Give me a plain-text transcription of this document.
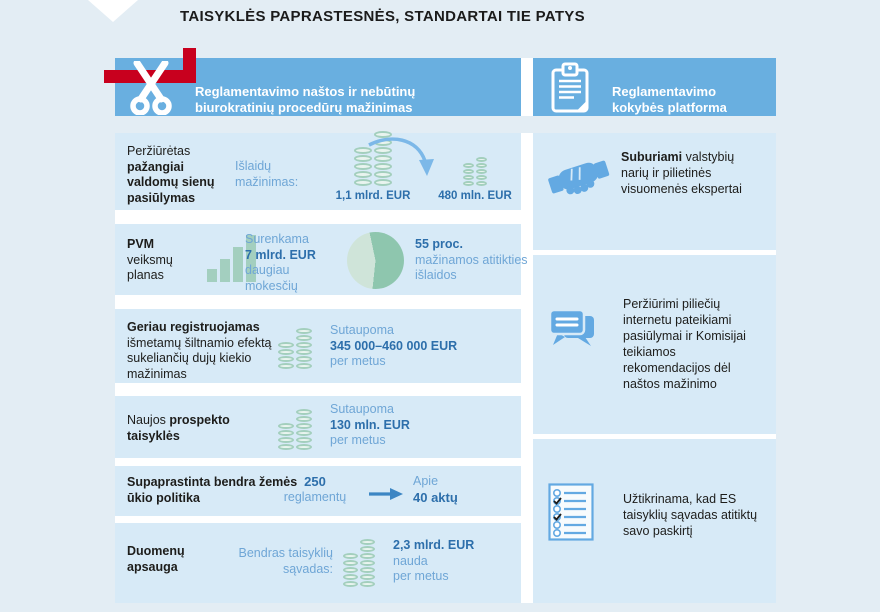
TAISYKLĖS PAPRASTESNĖS, STANDARTAI TIE PATYS

Reglamentavimo naštos ir nebūtinų biurokratinių procedūrų mažinimas

Reglamentavimo kokybės platforma

Peržiūrėtas pažangiai valdomų sienų pasiūlymas

Išlaidų mažinimas:

1,1 mlrd. EUR 480 mln. EUR

PVM veiksmų planas

Surenkama
7 mlrd. EUR
daugiau mokesčių

55 proc.
mažinamos atitikties išlaidos

Geriau registruojamas išmetamų šiltnamio efektą sukeliančių dujų kiekio mažinimas

Sutaupoma
345 000–460 000 EUR
per metus

Naujos prospekto taisyklės

Sutaupoma
130 mln. EUR
per metus

Supaprastinta bendra žemės ūkio politika

250
reglamentų
Apie
40 aktų

Duomenų apsauga

Bendras taisyklių sąvadas:

2,3 mlrd. EUR
nauda
per metus

Suburiami valstybių narių ir pilietinės visuomenės ekspertai

Peržiūrimi piliečių internetu pateikiami pasiūlymai ir Komisijai teikiamos rekomendacijos dėl naštos mažinimo

Užtikrinama, kad ES taisyklių sąvadas atitiktų savo paskirtį
